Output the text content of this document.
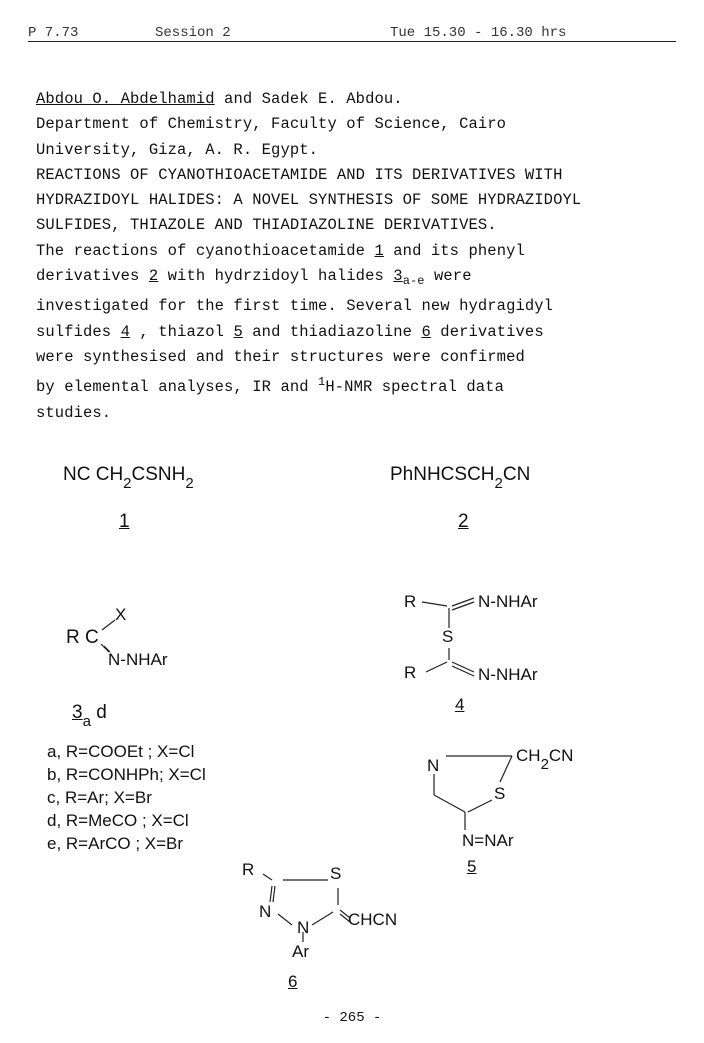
P 7.73	Session 2	Tue 15.30 - 16.30 hrs
Abdou O. Abdelhamid and Sadek E. Abdou.
Department of Chemistry, Faculty of Science, Cairo
University, Giza, A. R. Egypt.
REACTIONS OF CYANOTHIOACETAMIDE AND ITS DERIVATIVES WITH
HYDRAZIDOYL HALIDES: A NOVEL SYNTHESIS OF SOME HYDRAZIDOYL
SULFIDES, THIAZOLE AND THIADIAZOLINE DERIVATIVES.
The reactions of cyanothioacetamide 1 and its phenyl
derivatives 2 with hydrzidoyl halides $3_{a-e}$ were
investigated for the first time. Several new hydragidyl
sulfides 4 , thiazol 5 and thiadiazoline 6 derivatives
were synthesised and their structures were confirmed
by elemental analyses, IR and $^1$H-NMR spectral data
studies.
NC $CH_2CSNH_2$
1
PhNHCSCH$_2$CN
2
X
R C
N-NHAr
$3_a$ d
R	N-NHAr
S
R	N-NHAr
4
N
$CH_2CN$
S
N=NAr
5
a, R=COOEt ; X=Cl
b, R=CONHPh; X=Cl
c, R=Ar; X=Br
d, R=MeCO ; X=Cl
e, R=ArCO ; X=Br
R	S
N
N CHCN
Ar
6
- 265 -
